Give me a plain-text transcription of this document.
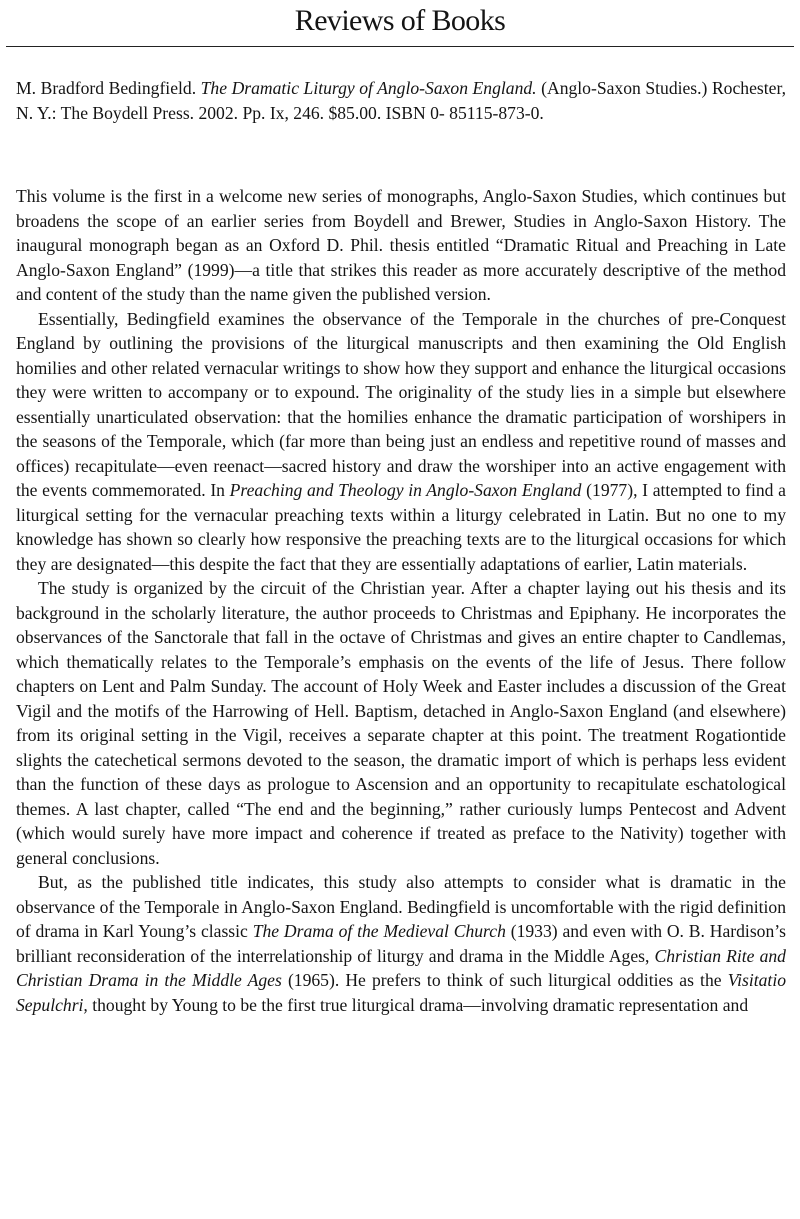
Reviews of Books

M. Bradford Bedingfield. The Dramatic Liturgy of Anglo-Saxon England. (Anglo-Saxon Studies.) Rochester, N. Y.: The Boydell Press. 2002. Pp. Ix, 246. $85.00. ISBN 0- 85115-873-0.

This volume is the first in a welcome new series of monographs, Anglo-Saxon Studies, which continues but broadens the scope of an earlier series from Boydell and Brewer, Studies in Anglo-Saxon History. The inaugural monograph began as an Oxford D. Phil. thesis entitled “Dramatic Ritual and Preaching in Late Anglo-Saxon England” (1999)—a title that strikes this reader as more accurately descriptive of the method and content of the study than the name given the published version.

Essentially, Bedingfield examines the observance of the Temporale in the churches of pre-Conquest England by outlining the provisions of the liturgical manuscripts and then examining the Old English homilies and other related vernacular writings to show how they support and enhance the liturgical occasions they were written to accompany or to expound. The originality of the study lies in a simple but elsewhere essentially unarticulated observation: that the homilies enhance the dramatic participation of worshipers in the seasons of the Temporale, which (far more than being just an endless and repetitive round of masses and offices) recapitulate—even reenact—sacred history and draw the worshiper into an active engagement with the events commemorated. In Preaching and Theology in Anglo-Saxon England (1977), I attempted to find a liturgical setting for the vernacular preaching texts within a liturgy celebrated in Latin. But no one to my knowledge has shown so clearly how responsive the preaching texts are to the liturgical occasions for which they are designated—this despite the fact that they are essentially adaptations of earlier, Latin materials.

The study is organized by the circuit of the Christian year. After a chapter laying out his thesis and its background in the scholarly literature, the author proceeds to Christmas and Epiphany. He incorporates the observances of the Sanctorale that fall in the octave of Christmas and gives an entire chapter to Candlemas, which thematically relates to the Temporale’s emphasis on the events of the life of Jesus. There follow chapters on Lent and Palm Sunday. The account of Holy Week and Easter includes a discussion of the Great Vigil and the motifs of the Harrowing of Hell. Baptism, detached in Anglo-Saxon England (and elsewhere) from its original setting in the Vigil, receives a separate chapter at this point. The treatment Rogationtide slights the catechetical sermons devoted to the season, the dramatic import of which is perhaps less evident than the function of these days as prologue to Ascension and an opportunity to recapitulate eschatological themes. A last chapter, called “The end and the beginning,” rather curiously lumps Pentecost and Advent (which would surely have more impact and coherence if treated as preface to the Nativity) together with general conclusions.

But, as the published title indicates, this study also attempts to consider what is dramatic in the observance of the Temporale in Anglo-Saxon England. Bedingfield is uncomfortable with the rigid definition of drama in Karl Young’s classic The Drama of the Medieval Church (1933) and even with O. B. Hardison’s brilliant reconsideration of the interrelationship of liturgy and drama in the Middle Ages, Christian Rite and Christian Drama in the Middle Ages (1965). He prefers to think of such liturgical oddities as the Visitatio Sepulchri, thought by Young to be the first true liturgical drama—involving dramatic representation and
